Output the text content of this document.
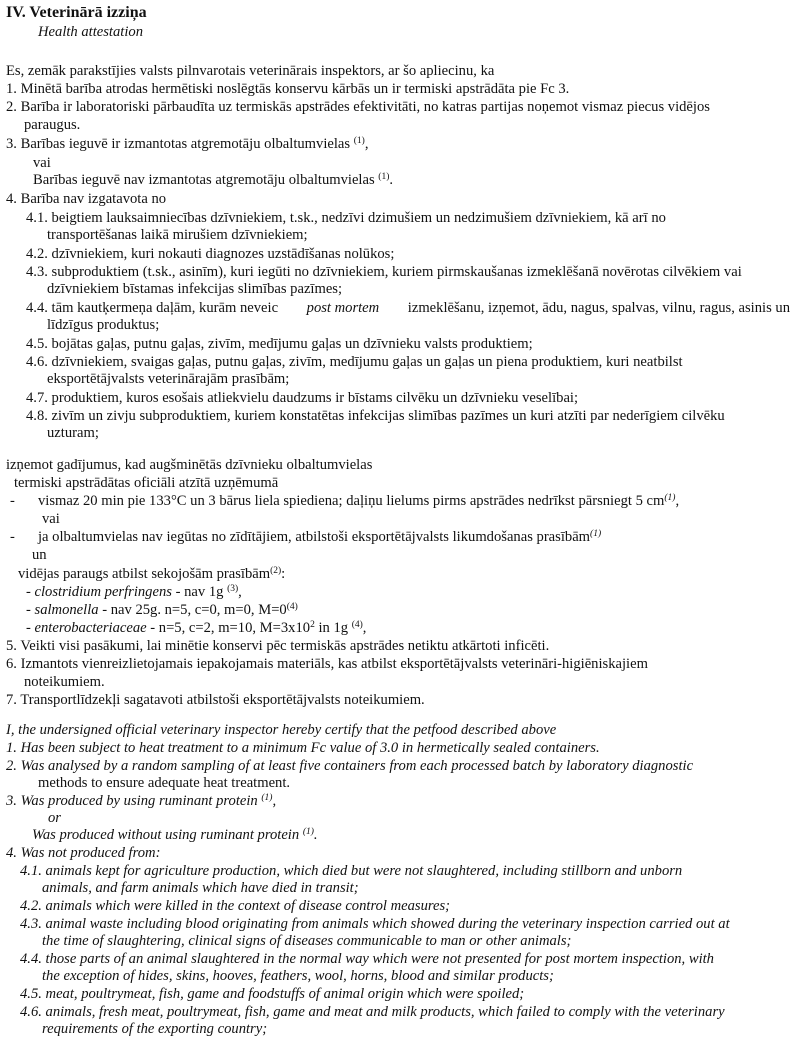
IV. Veterinārā izziņa
Health attestation
Es, zemāk parakstījies valsts pilnvarotais veterinārais inspektors, ar šo apliecinu, ka
1. Minētā barība atrodas hermētiski noslēgtās konservu kārbās un ir termiski apstrādāta pie Fc 3.
2. Barība ir laboratoriski pārbaudīta uz termiskās apstrādes efektivitāti, no katras partijas noņemot vismaz piecus vidējos
paraugus.
3. Barības ieguvē ir izmantotas atgremotāju olbaltumvielas $^{(1)}$,
vai
Barības ieguvē nav izmantotas atgremotāju olbaltumvielas $^{(1)}$.
4. Barība nav izgatavota no
4.1. beigtiem lauksaimniecības dzīvniekiem, t.sk., nedzīvi dzimušiem un nedzimušiem dzīvniekiem, kā arī no
transportēšanas laikā mirušiem dzīvniekiem;
4.2. dzīvniekiem, kuri nokauti diagnozes uzstādīšanas nolūkos;
4.3. subproduktiem (t.sk., asinīm), kuri iegūti no dzīvniekiem, kuriem pirmskaušanas izmeklēšanā novērotas cilvēkiem vai
dzīvniekiem bīstamas infekcijas slimības pazīmes;
4.4. tām kautķermeņa daļām, kurām neveic post mortem izmeklēšanu, izņemot, ādu, nagus, spalvas, vilnu, ragus, asinis un
līdzīgus produktus;
4.5. bojātas gaļas, putnu gaļas, zivīm, medījumu gaļas un dzīvnieku valsts produktiem;
4.6. dzīvniekiem, svaigas gaļas, putnu gaļas, zivīm, medījumu gaļas un gaļas un piena produktiem, kuri neatbilst
eksportētājvalsts veterinārajām prasībām;
4.7. produktiem, kuros esošais atliekvielu daudzums ir bīstams cilvēku un dzīvnieku veselībai;
4.8. zivīm un zivju subproduktiem, kuriem konstatētas infekcijas slimības pazīmes un kuri atzīti par nederīgiem cilvēku
uzturam;
izņemot gadījumus, kad augšminētās dzīvnieku olbaltumvielas
termiski apstrādātas oficiāli atzītā uzņēmumā
- vismaz 20 min pie 133°C un 3 bārus liela spiediena; daļiņu lielums pirms apstrādes nedrīkst pārsniegt 5 $cm^{(1)}$,
vai
- ja olbaltumvielas nav iegūtas no zīdītājiem, atbilstoši eksportētājvalsts likumdošanas prasībām$^{(1)}$
un
vidējas paraugs atbilst sekojošām prasībām$^{(2)}$:
- clostridium perfringens - nav 1g $^{(3)}$,
- salmonella - nav 25g. n=5, c=0, m=0, $M=0^{(4)}$
- enterobacteriaceae - n=5, c=2, m=10, $M=3x10^2$ in 1g $^{(4)}$,
5. Veikti visi pasākumi, lai minētie konservi pēc termiskās apstrādes netiktu atkārtoti inficēti.
6. Izmantots vienreizlietojamais iepakojamais materiāls, kas atbilst eksportētājvalsts veterināri-higiēniskajiem
noteikumiem.
7. Transportlīdzekļi sagatavoti atbilstoši eksportētājvalsts noteikumiem.
I, the undersigned official veterinary inspector hereby certify that the petfood described above
1. Has been subject to heat treatment to a minimum Fc value of 3.0 in hermetically sealed containers.
2. Was analysed by a random sampling of at least five containers from each processed batch by laboratory diagnostic
methods to ensure adequate heat treatment.
3. Was produced by using ruminant protein $^{(1)}$,
or
Was produced without using ruminant protein $^{(1)}$.
4. Was not produced from:
4.1. animals kept for agriculture production, which died but were not slaughtered, including stillborn and unborn
animals, and farm animals which have died in transit;
4.2. animals which were killed in the context of disease control measures;
4.3. animal waste including blood originating from animals which showed during the veterinary inspection carried out at
the time of slaughtering, clinical signs of diseases communicable to man or other animals;
4.4. those parts of an animal slaughtered in the normal way which were not presented for post mortem inspection, with
the exception of hides, skins, hooves, feathers, wool, horns, blood and similar products;
4.5. meat, poultrymeat, fish, game and foodstuffs of animal origin which were spoiled;
4.6. animals, fresh meat, poultrymeat, fish, game and meat and milk products, which failed to comply with the veterinary
requirements of the exporting country;
